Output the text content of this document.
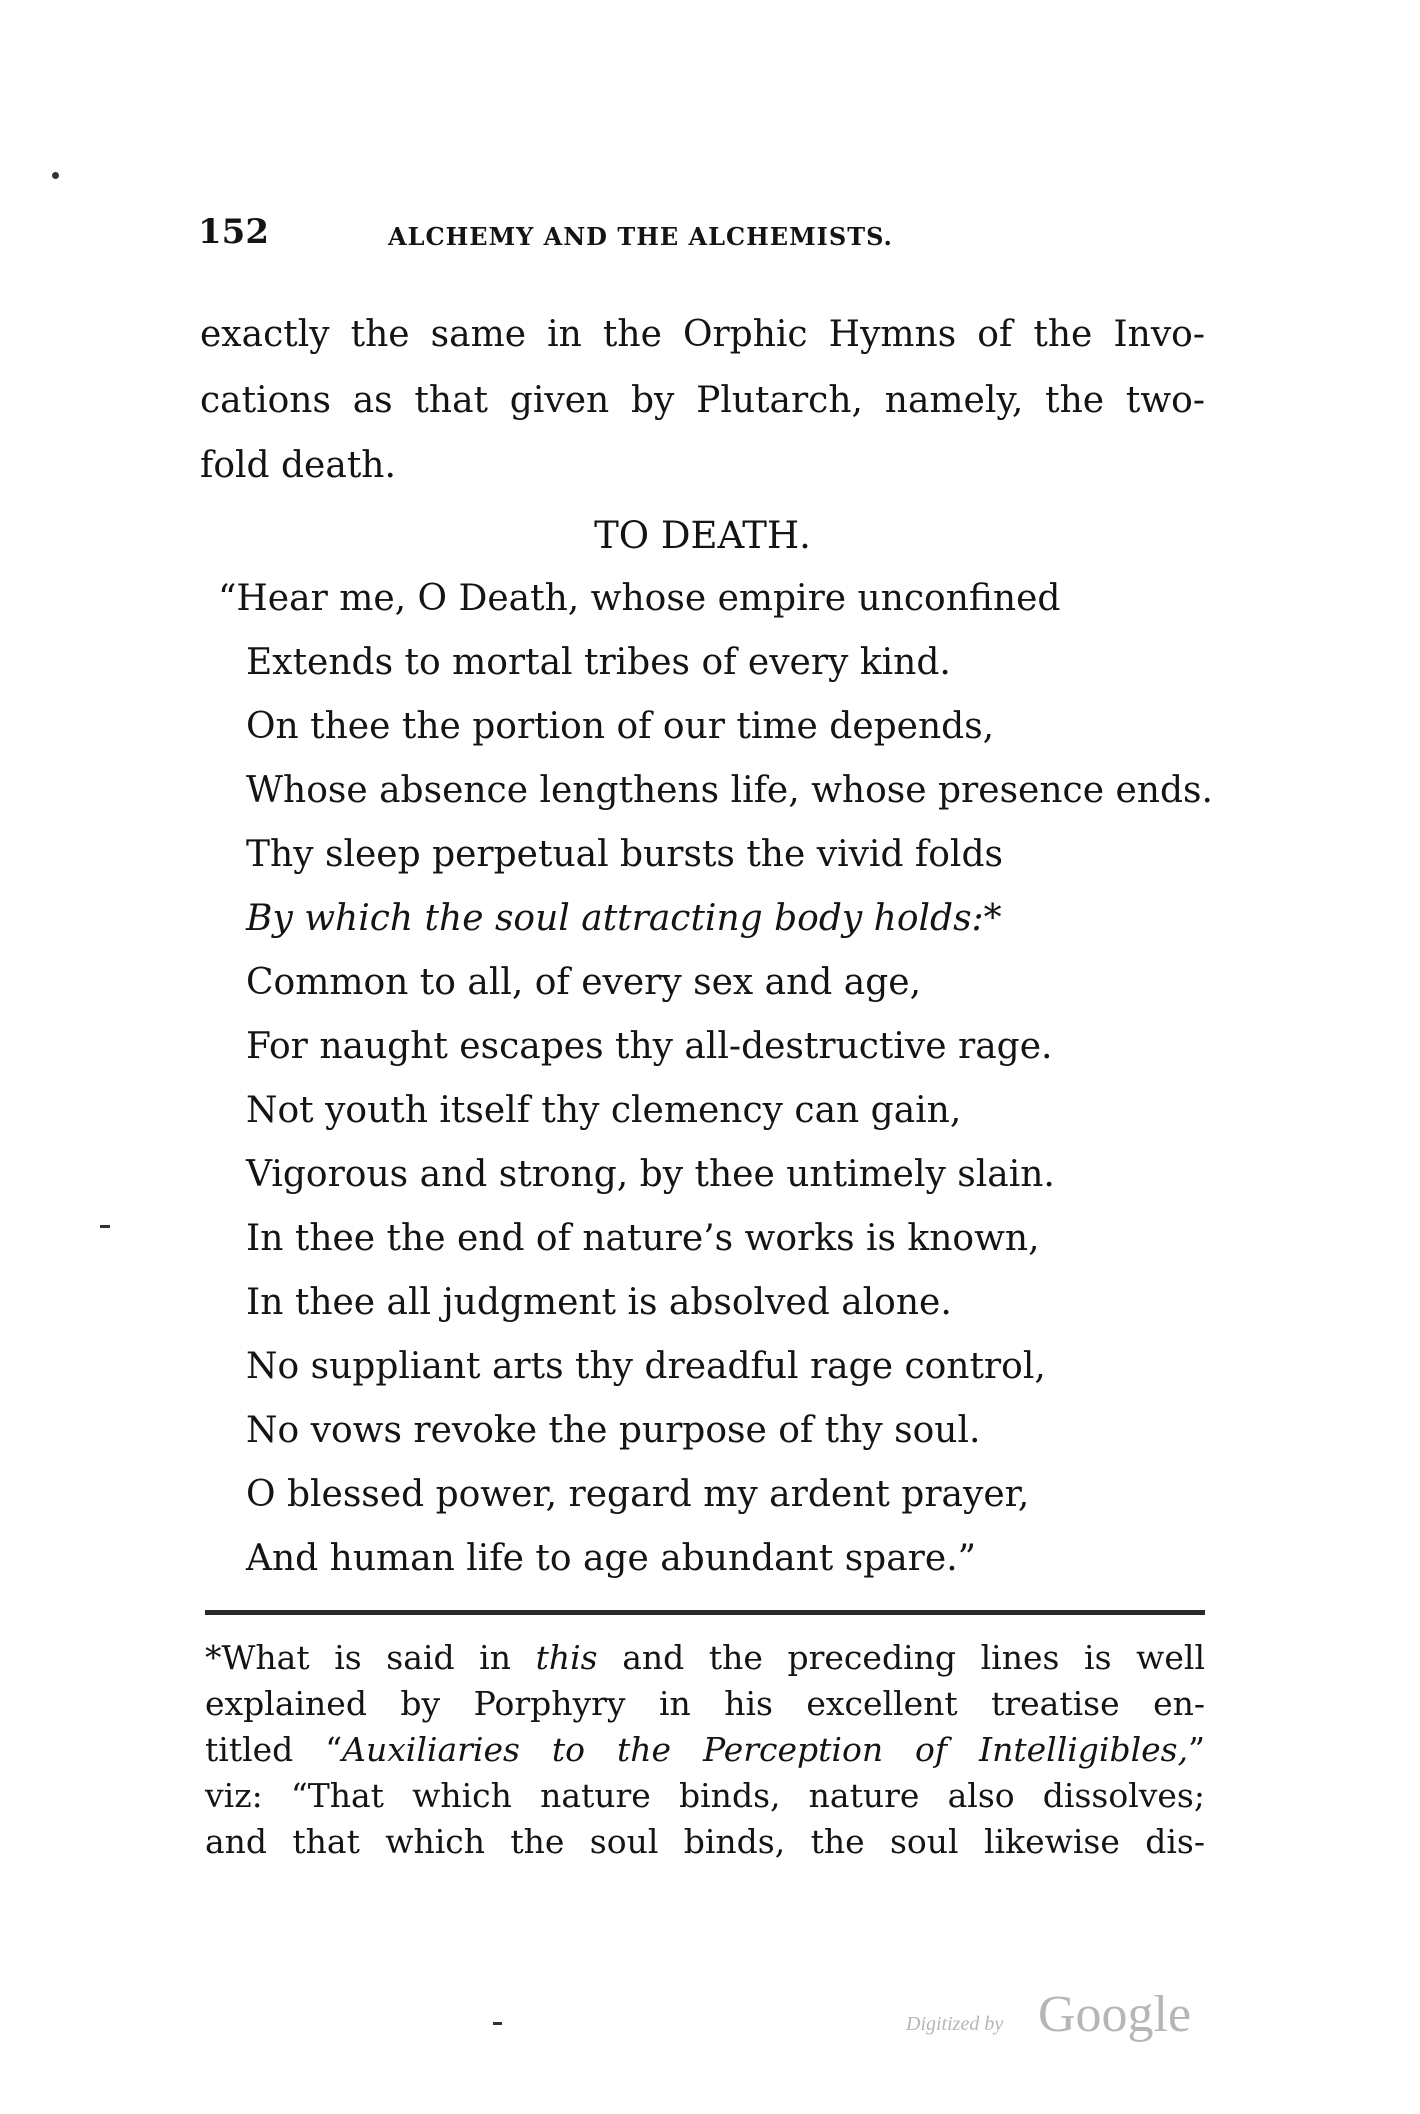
152	ALCHEMY AND THE ALCHEMISTS.
exactly the same in the Orphic Hymns of the Invo-
cations as that given by Plutarch, namely, the two-
fold death.
TO DEATH.
“Hear me, O Death, whose empire unconfined
Extends to mortal tribes of every kind.
On thee the portion of our time depends,
Whose absence lengthens life, whose presence ends.
Thy sleep perpetual bursts the vivid folds
By which the soul attracting body holds:*
Common to all, of every sex and age,
For naught escapes thy all-destructive rage.
Not youth itself thy clemency can gain,
Vigorous and strong, by thee untimely slain.
In thee the end of nature’s works is known,
In thee all judgment is absolved alone.
No suppliant arts thy dreadful rage control,
No vows revoke the purpose of thy soul.
O blessed power, regard my ardent prayer,
And human life to age abundant spare.”
*What is said in this and the preceding lines is well
explained by Porphyry in his excellent treatise en-
titled “Auxiliaries to the Perception of Intelligibles,”
viz: “That which nature binds, nature also dissolves;
and that which the soul binds, the soul likewise dis-
Digitized by Google
